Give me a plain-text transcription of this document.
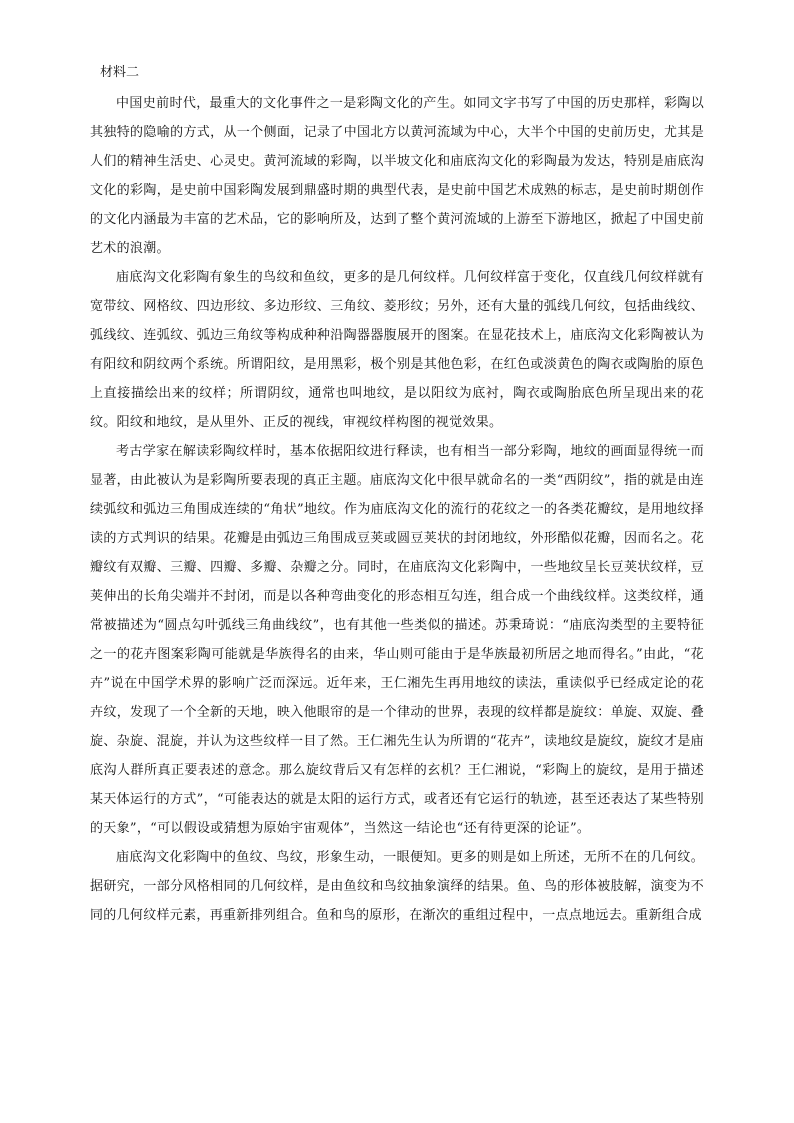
材料二

中国史前时代，最重大的文化事件之一是彩陶文化的产生。如同文字书写了中国的历史那样，彩陶以其独特的隐喻的方式，从一个侧面，记录了中国北方以黄河流域为中心，大半个中国的史前历史，尤其是人们的精神生活史、心灵史。黄河流域的彩陶，以半坡文化和庙底沟文化的彩陶最为发达，特别是庙底沟文化的彩陶，是史前中国彩陶发展到鼎盛时期的典型代表，是史前中国艺术成熟的标志，是史前时期创作的文化内涵最为丰富的艺术品，它的影响所及，达到了整个黄河流域的上游至下游地区，掀起了中国史前艺术的浪潮。

庙底沟文化彩陶有象生的鸟纹和鱼纹，更多的是几何纹样。几何纹样富于变化，仅直线几何纹样就有宽带纹、网格纹、四边形纹、多边形纹、三角纹、菱形纹；另外，还有大量的弧线几何纹，包括曲线纹、弧线纹、连弧纹、弧边三角纹等构成种种沿陶器器腹展开的图案。在显花技术上，庙底沟文化彩陶被认为有阳纹和阴纹两个系统。所谓阳纹，是用黑彩，极个别是其他色彩，在红色或淡黄色的陶衣或陶胎的原色上直接描绘出来的纹样；所谓阴纹，通常也叫地纹，是以阳纹为底衬，陶衣或陶胎底色所呈现出来的花纹。阳纹和地纹，是从里外、正反的视线，审视纹样构图的视觉效果。

考古学家在解读彩陶纹样时，基本依据阳纹进行释读，也有相当一部分彩陶，地纹的画面显得统一而显著，由此被认为是彩陶所要表现的真正主题。庙底沟文化中很早就命名的一类“西阴纹”，指的就是由连续弧纹和弧边三角围成连续的“角状”地纹。作为庙底沟文化的流行的花纹之一的各类花瓣纹，是用地纹择读的方式判识的结果。花瓣是由弧边三角围成豆荚或圆豆荚状的封闭地纹，外形酷似花瓣，因而名之。花瓣纹有双瓣、三瓣、四瓣、多瓣、杂瓣之分。同时，在庙底沟文化彩陶中，一些地纹呈长豆荚状纹样，豆荚伸出的长角尖端并不封闭，而是以各种弯曲变化的形态相互勾连，组合成一个曲线纹样。这类纹样，通常被描述为“圆点勾叶弧线三角曲线纹”，也有其他一些类似的描述。苏秉琦说：“庙底沟类型的主要特征之一的花卉图案彩陶可能就是华族得名的由来，华山则可能由于是华族最初所居之地而得名。”由此，“花卉”说在中国学术界的影响广泛而深远。近年来，王仁湘先生再用地纹的读法，重读似乎已经成定论的花卉纹，发现了一个全新的天地，映入他眼帘的是一个律动的世界，表现的纹样都是旋纹：单旋、双旋、叠旋、杂旋、混旋，并认为这些纹样一目了然。王仁湘先生认为所谓的“花卉”，读地纹是旋纹，旋纹才是庙底沟人群所真正要表述的意念。那么旋纹背后又有怎样的玄机？王仁湘说，“彩陶上的旋纹，是用于描述某天体运行的方式”，“可能表达的就是太阳的运行方式，或者还有它运行的轨迹，甚至还表达了某些特别的天象”，“可以假设或猜想为原始宇宙观体”，当然这一结论也“还有待更深的论证”。

庙底沟文化彩陶中的鱼纹、鸟纹，形象生动，一眼便知。更多的则是如上所述，无所不在的几何纹。据研究，一部分风格相同的几何纹样，是由鱼纹和鸟纹抽象演绎的结果。鱼、鸟的形体被肢解，演变为不同的几何纹样元素，再重新排列组合。鱼和鸟的原形，在渐次的重组过程中，一点点地远去。重新组合成
